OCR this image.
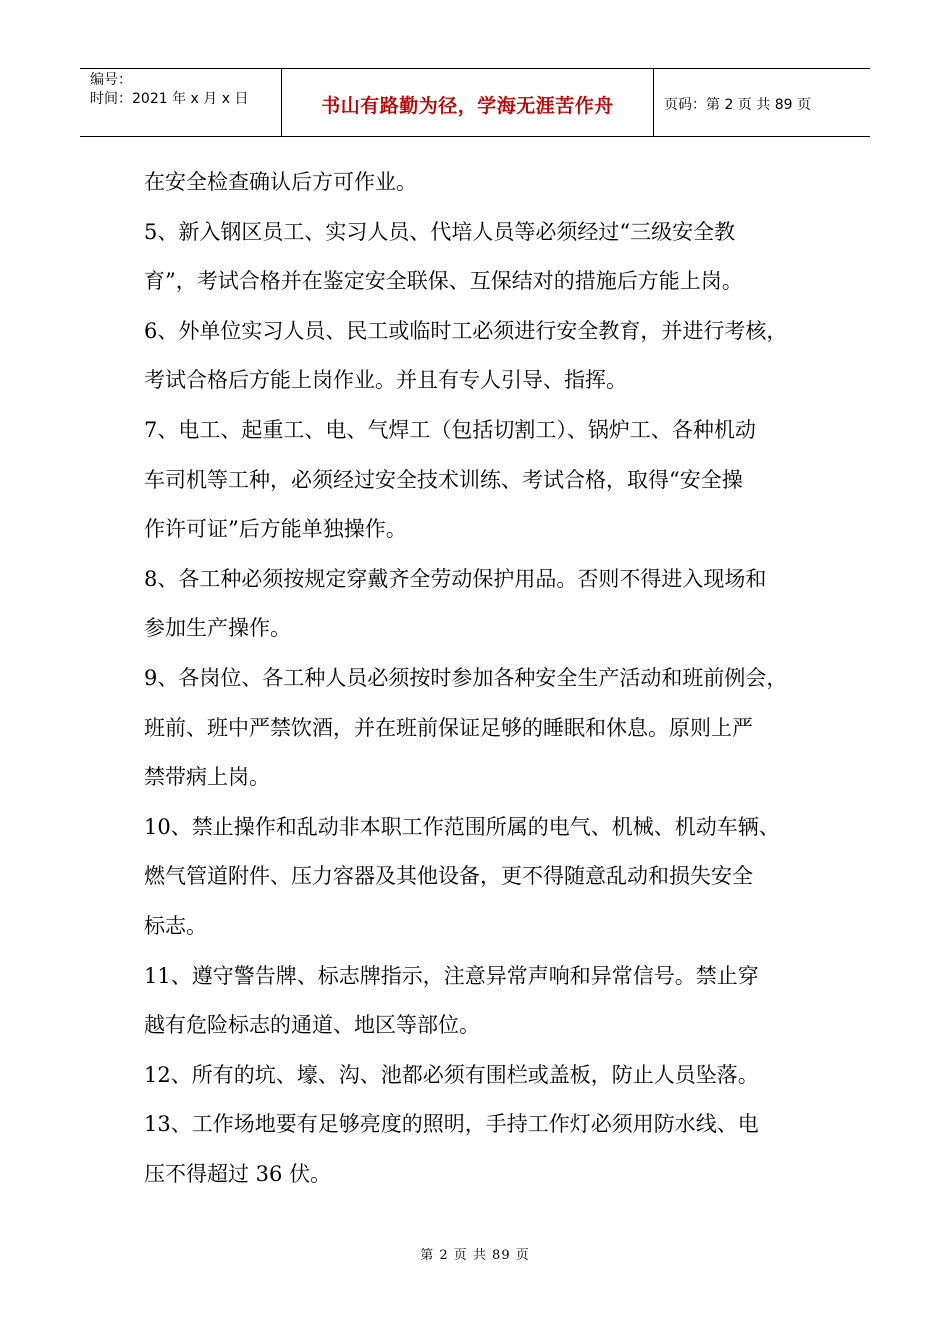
编号：
时间：2021 年 x 月 x 日	书山有路勤为径，学海无涯苦作舟	页码：第 2 页 共 89 页
在安全检查确认后方可作业。
5、新入钢区员工、实习人员、代培人员等必须经过“三级安全教
育”，考试合格并在鉴定安全联保、互保结对的措施后方能上岗。
6、外单位实习人员、民工或临时工必须进行安全教育，并进行考核，
考试合格后方能上岗作业。并且有专人引导、指挥。
7、电工、起重工、电、气焊工（包括切割工）、锅炉工、各种机动
车司机等工种，必须经过安全技术训练、考试合格，取得“安全操
作许可证”后方能单独操作。
8、各工种必须按规定穿戴齐全劳动保护用品。否则不得进入现场和
参加生产操作。
9、各岗位、各工种人员必须按时参加各种安全生产活动和班前例会，
班前、班中严禁饮酒，并在班前保证足够的睡眠和休息。原则上严
禁带病上岗。
10、禁止操作和乱动非本职工作范围所属的电气、机械、机动车辆、
燃气管道附件、压力容器及其他设备，更不得随意乱动和损失安全
标志。
11、遵守警告牌、标志牌指示，注意异常声响和异常信号。禁止穿
越有危险标志的通道、地区等部位。
12、所有的坑、壕、沟、池都必须有围栏或盖板，防止人员坠落。
13、工作场地要有足够亮度的照明，手持工作灯必须用防水线、电
压不得超过 36 伏。
第 2 页 共 89 页
